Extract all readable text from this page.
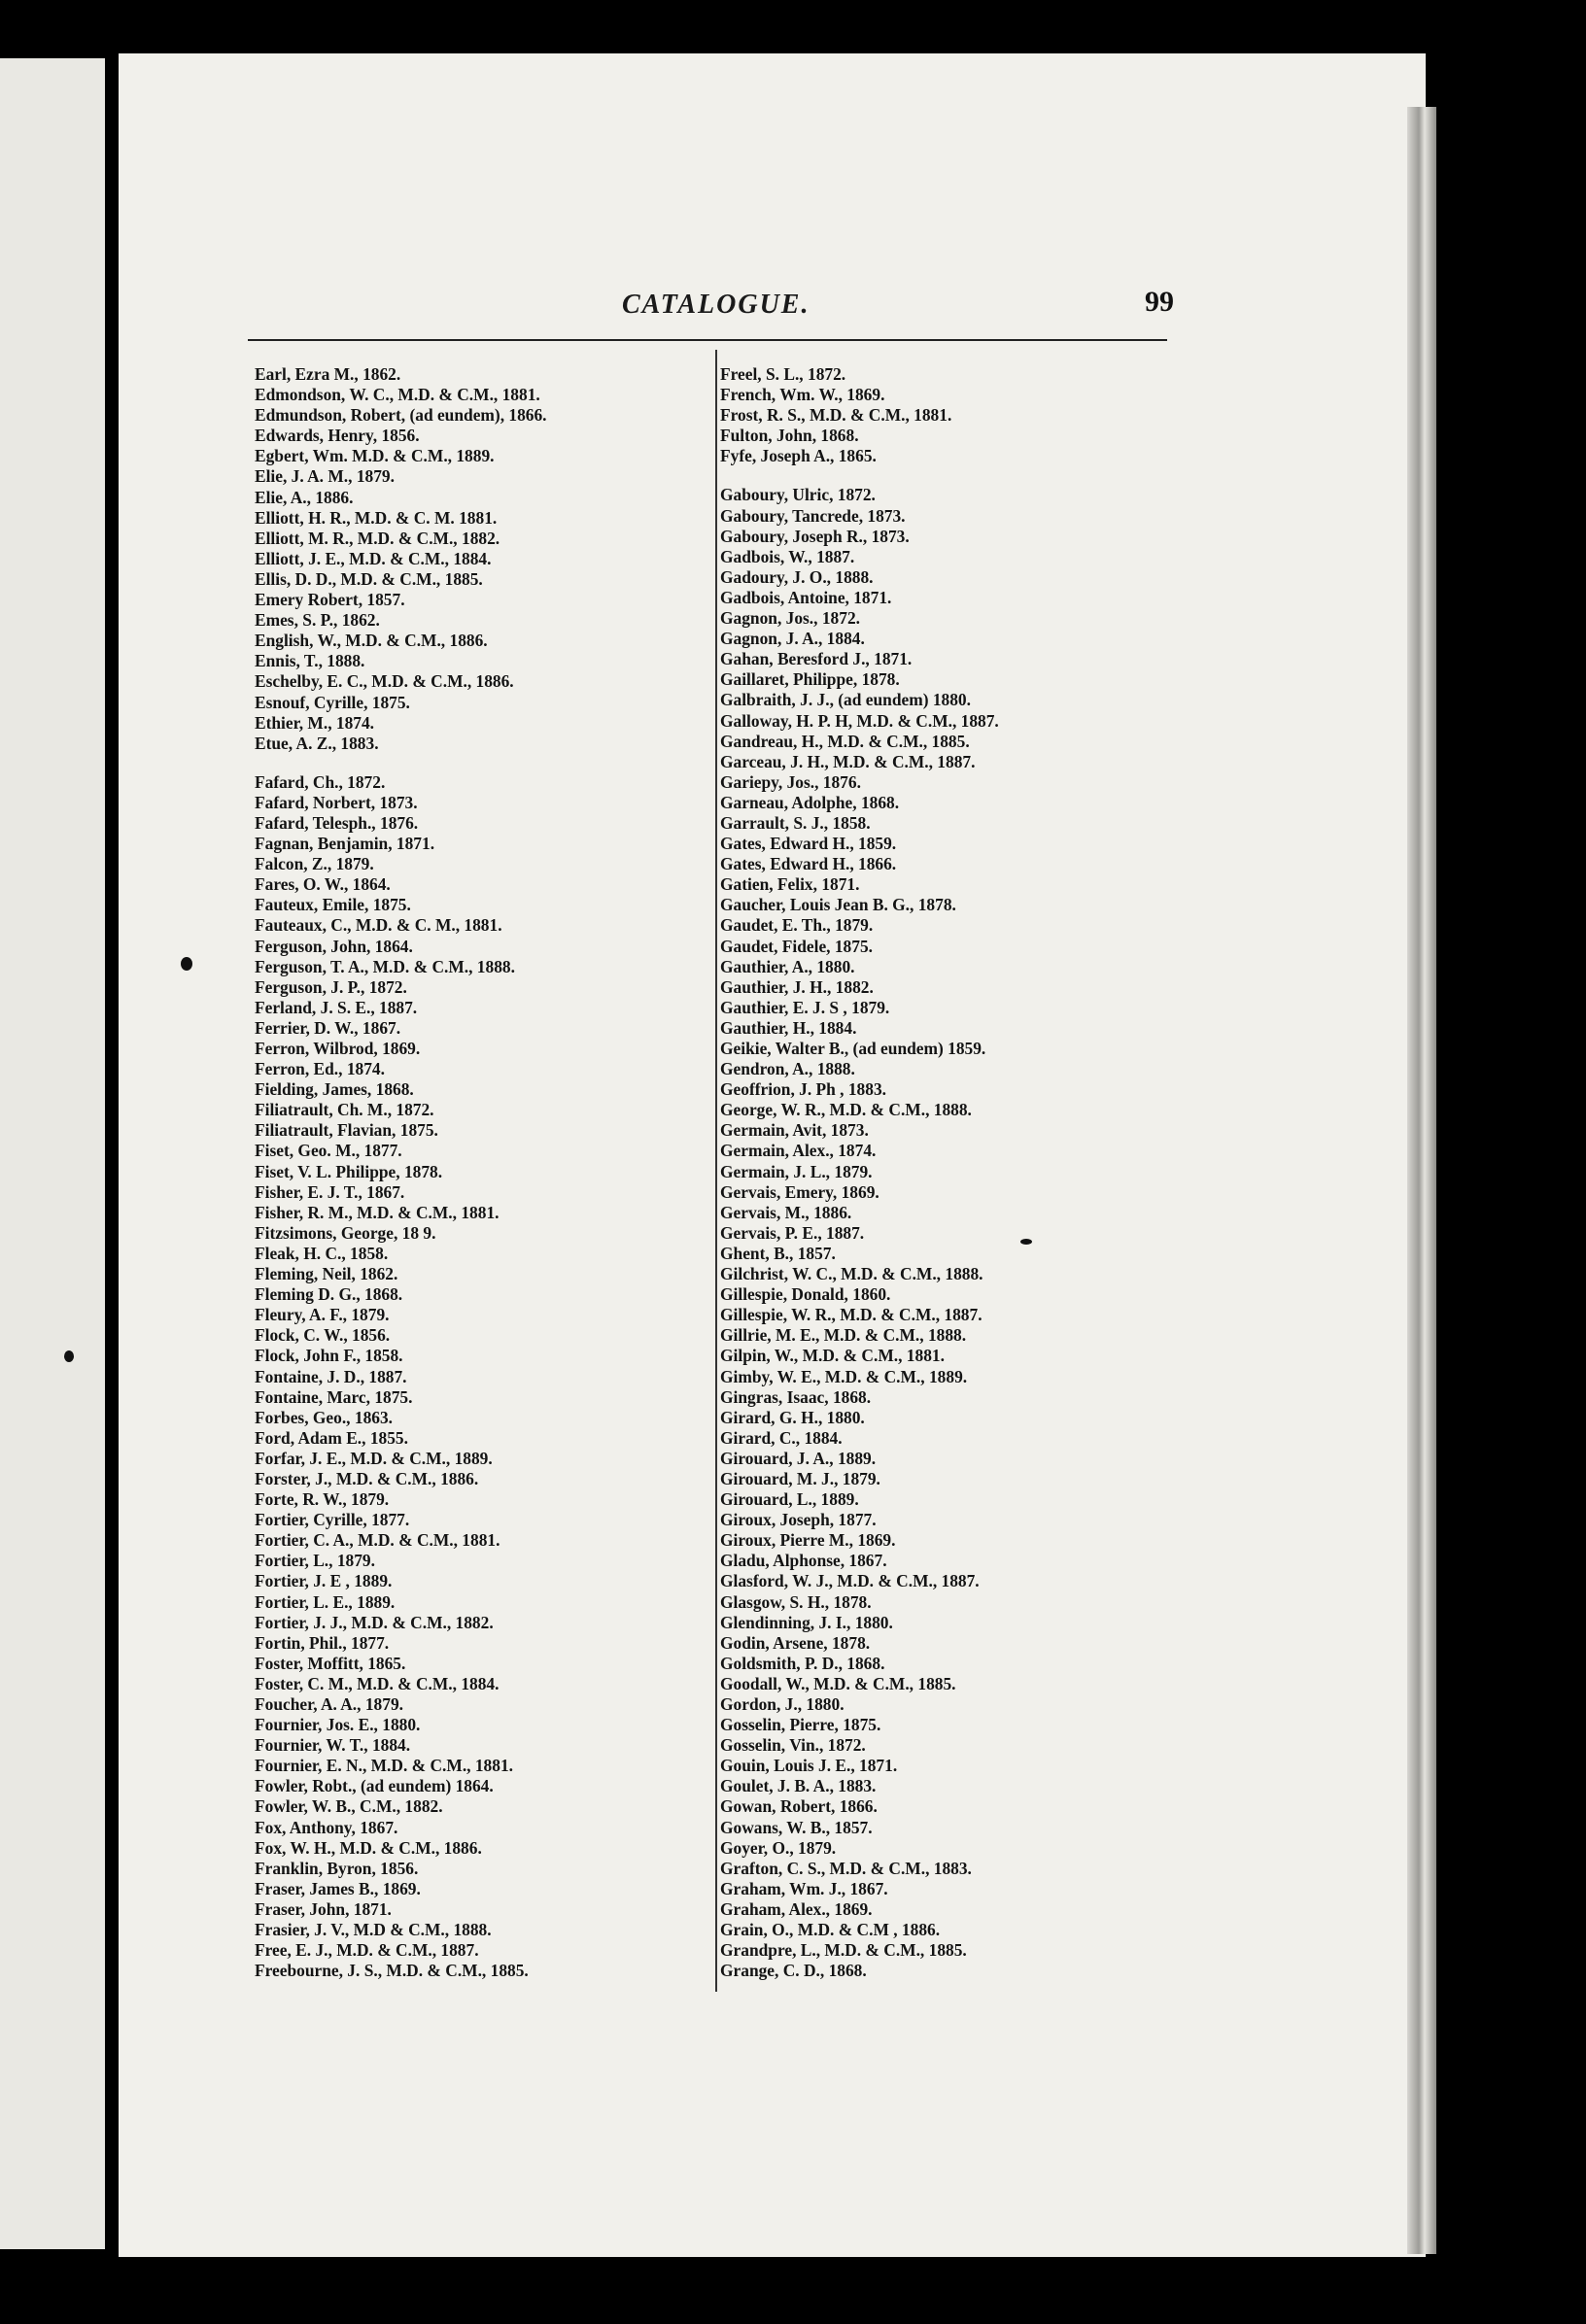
CATALOGUE.	99
Earl, Ezra M., 1862.
Edmondson, W. C., M.D. & C.M., 1881.
Edmundson, Robert, (ad eundem), 1866.
Edwards, Henry, 1856.
Egbert, Wm. M.D. & C.M., 1889.
Elie, J. A. M., 1879.
Elie, A., 1886.
Elliott, H. R., M.D. & C. M. 1881.
Elliott, M. R., M.D. & C.M., 1882.
Elliott, J. E., M.D. & C.M., 1884.
Ellis, D. D., M.D. & C.M., 1885.
Emery Robert, 1857.
Emes, S. P., 1862.
English, W., M.D. & C.M., 1886.
Ennis, T., 1888.
Eschelby, E. C., M.D. & C.M., 1886.
Esnouf, Cyrille, 1875.
Ethier, M., 1874.
Etue, A. Z., 1883.
Fafard, Ch., 1872.
Fafard, Norbert, 1873.
Fafard, Telesph., 1876.
Fagnan, Benjamin, 1871.
Falcon, Z., 1879.
Fares, O. W., 1864.
Fauteux, Emile, 1875.
Fauteaux, C., M.D. & C. M., 1881.
Ferguson, John, 1864.
Ferguson, T. A., M.D. & C.M., 1888.
Ferguson, J. P., 1872.
Ferland, J. S. E., 1887.
Ferrier, D. W., 1867.
Ferron, Wilbrod, 1869.
Ferron, Ed., 1874.
Fielding, James, 1868.
Filiatrault, Ch. M., 1872.
Filiatrault, Flavian, 1875.
Fiset, Geo. M., 1877.
Fiset, V. L. Philippe, 1878.
Fisher, E. J. T., 1867.
Fisher, R. M., M.D. & C.M., 1881.
Fitzsimons, George, 18 9.
Fleak, H. C., 1858.
Fleming, Neil, 1862.
Fleming D. G., 1868.
Fleury, A. F., 1879.
Flock, C. W., 1856.
Flock, John F., 1858.
Fontaine, J. D., 1887.
Fontaine, Marc, 1875.
Forbes, Geo., 1863.
Ford, Adam E., 1855.
Forfar, J. E., M.D. & C.M., 1889.
Forster, J., M.D. & C.M., 1886.
Forte, R. W., 1879.
Fortier, Cyrille, 1877.
Fortier, C. A., M.D. & C.M., 1881.
Fortier, L., 1879.
Fortier, J. E , 1889.
Fortier, L. E., 1889.
Fortier, J. J., M.D. & C.M., 1882.
Fortin, Phil., 1877.
Foster, Moffitt, 1865.
Foster, C. M., M.D. & C.M., 1884.
Foucher, A. A., 1879.
Fournier, Jos. E., 1880.
Fournier, W. T., 1884.
Fournier, E. N., M.D. & C.M., 1881.
Fowler, Robt., (ad eundem) 1864.
Fowler, W. B., C.M., 1882.
Fox, Anthony, 1867.
Fox, W. H., M.D. & C.M., 1886.
Franklin, Byron, 1856.
Fraser, James B., 1869.
Fraser, John, 1871.
Frasier, J. V., M.D & C.M., 1888.
Free, E. J., M.D. & C.M., 1887.
Freebourne, J. S., M.D. & C.M., 1885.
Freel, S. L., 1872.
French, Wm. W., 1869.
Frost, R. S., M.D. & C.M., 1881.
Fulton, John, 1868.
Fyfe, Joseph A., 1865.
Gaboury, Ulric, 1872.
Gaboury, Tancrede, 1873.
Gaboury, Joseph R., 1873.
Gadbois, W., 1887.
Gadoury, J. O., 1888.
Gadbois, Antoine, 1871.
Gagnon, Jos., 1872.
Gagnon, J. A., 1884.
Gahan, Beresford J., 1871.
Gaillaret, Philippe, 1878.
Galbraith, J. J., (ad eundem) 1880.
Galloway, H. P. H, M.D. & C.M., 1887.
Gandreau, H., M.D. & C.M., 1885.
Garceau, J. H., M.D. & C.M., 1887.
Gariepy, Jos., 1876.
Garneau, Adolphe, 1868.
Garrault, S. J., 1858.
Gates, Edward H., 1859.
Gates, Edward H., 1866.
Gatien, Felix, 1871.
Gaucher, Louis Jean B. G., 1878.
Gaudet, E. Th., 1879.
Gaudet, Fidele, 1875.
Gauthier, A., 1880.
Gauthier, J. H., 1882.
Gauthier, E. J. S , 1879.
Gauthier, H., 1884.
Geikie, Walter B., (ad eundem) 1859.
Gendron, A., 1888.
Geoffrion, J. Ph , 1883.
George, W. R., M.D. & C.M., 1888.
Germain, Avit, 1873.
Germain, Alex., 1874.
Germain, J. L., 1879.
Gervais, Emery, 1869.
Gervais, M., 1886.
Gervais, P. E., 1887.
Ghent, B., 1857.
Gilchrist, W. C., M.D. & C.M., 1888.
Gillespie, Donald, 1860.
Gillespie, W. R., M.D. & C.M., 1887.
Gillrie, M. E., M.D. & C.M., 1888.
Gilpin, W., M.D. & C.M., 1881.
Gimby, W. E., M.D. & C.M., 1889.
Gingras, Isaac, 1868.
Girard, G. H., 1880.
Girard, C., 1884.
Girouard, J. A., 1889.
Girouard, M. J., 1879.
Girouard, L., 1889.
Giroux, Joseph, 1877.
Giroux, Pierre M., 1869.
Gladu, Alphonse, 1867.
Glasford, W. J., M.D. & C.M., 1887.
Glasgow, S. H., 1878.
Glendinning, J. I., 1880.
Godin, Arsene, 1878.
Goldsmith, P. D., 1868.
Goodall, W., M.D. & C.M., 1885.
Gordon, J., 1880.
Gosselin, Pierre, 1875.
Gosselin, Vin., 1872.
Gouin, Louis J. E., 1871.
Goulet, J. B. A., 1883.
Gowan, Robert, 1866.
Gowans, W. B., 1857.
Goyer, O., 1879.
Grafton, C. S., M.D. & C.M., 1883.
Graham, Wm. J., 1867.
Graham, Alex., 1869.
Grain, O., M.D. & C.M , 1886.
Grandpre, L., M.D. & C.M., 1885.
Grange, C. D., 1868.
